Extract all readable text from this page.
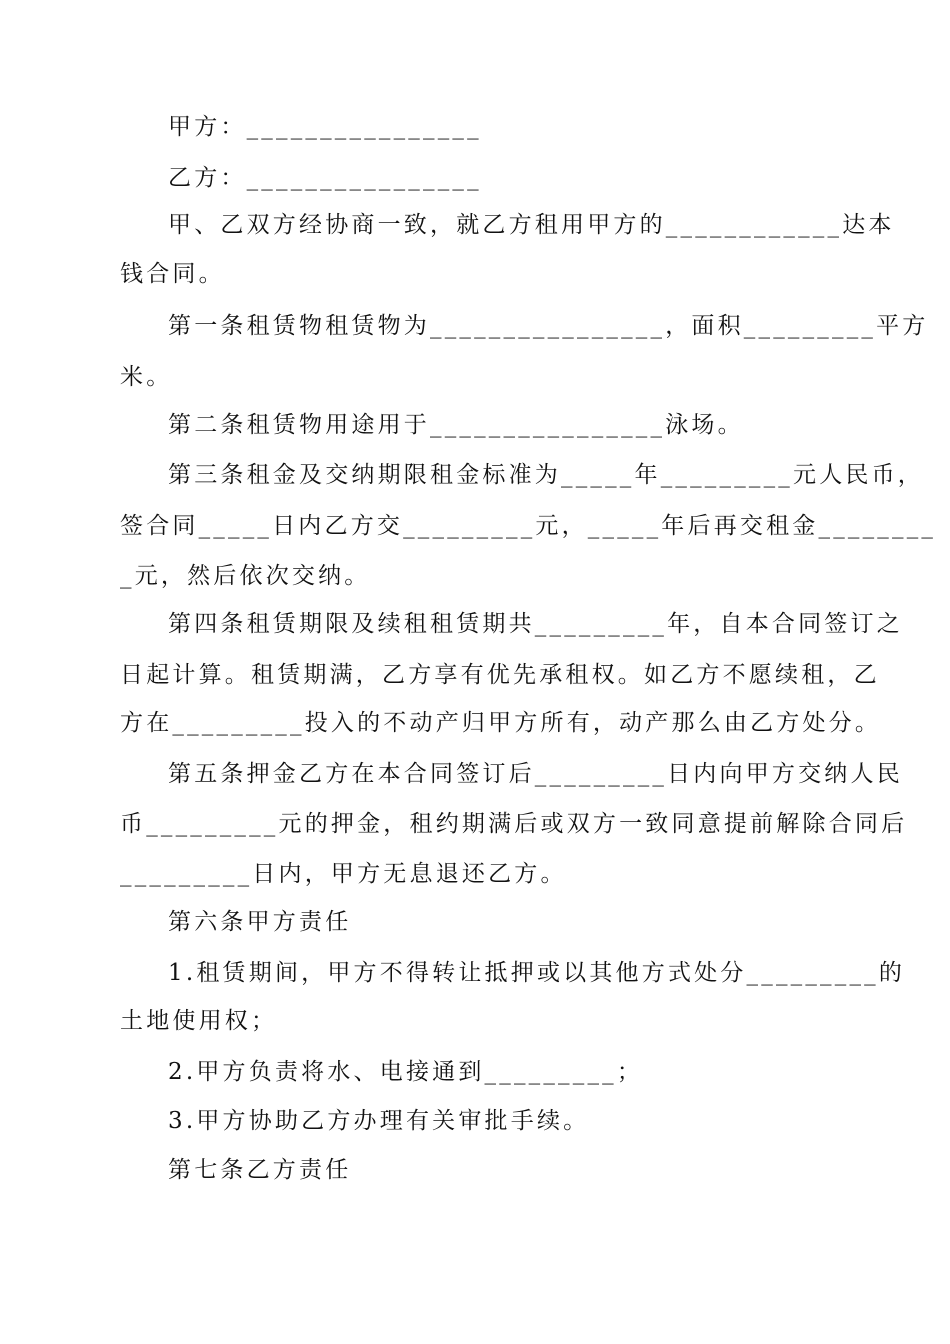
甲方：________________

乙方：________________

甲、乙双方经协商一致，就乙方租用甲方的____________达本

钱合同。

第一条租赁物租赁物为________________，面积_________平方

米。

第二条租赁物用途用于________________泳场。

第三条租金及交纳期限租金标准为_____年_________元人民币，

签合同_____日内乙方交_________元，_____年后再交租金________

_元，然后依次交纳。

第四条租赁期限及续租租赁期共_________年，自本合同签订之

日起计算。租赁期满，乙方享有优先承租权。如乙方不愿续租，乙

方在_________投入的不动产归甲方所有，动产那么由乙方处分。

第五条押金乙方在本合同签订后_________日内向甲方交纳人民

币_________元的押金，租约期满后或双方一致同意提前解除合同后

_________日内，甲方无息退还乙方。

第六条甲方责任

1.租赁期间，甲方不得转让抵押或以其他方式处分_________的

土地使用权；

2.甲方负责将水、电接通到_________；

3.甲方协助乙方办理有关审批手续。

第七条乙方责任
